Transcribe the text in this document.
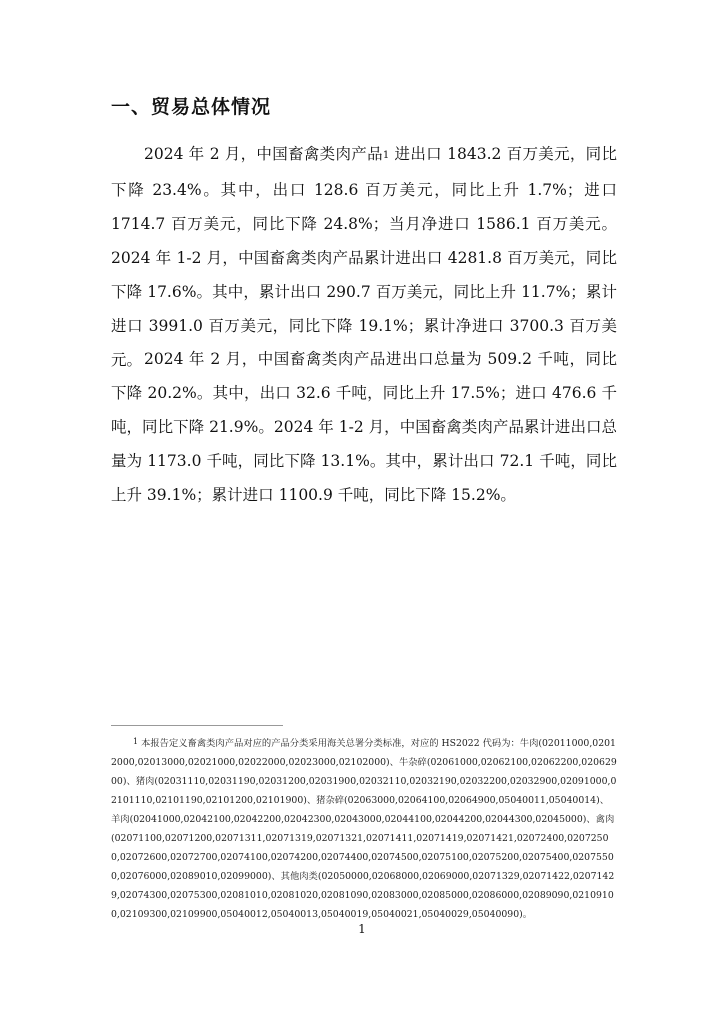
一、贸易总体情况

2024 年 2 月，中国畜禽类肉产品$^1$ 进出口 1843.2 百万美元，同比下降 23.4%。其中，出口 128.6 百万美元，同比上升 1.7%；进口 1714.7 百万美元，同比下降 24.8%；当月净进口 1586.1 百万美元。2024 年 1-2 月，中国畜禽类肉产品累计进出口 4281.8 百万美元，同比下降 17.6%。其中，累计出口 290.7 百万美元，同比上升 11.7%；累计进口 3991.0 百万美元，同比下降 19.1%；累计净进口 3700.3 百万美元。 2024 年 2 月，中国畜禽类肉产品进出口总量为 509.2 千吨，同比下降 20.2%。其中，出口 32.6 千吨，同比上升 17.5%；进口 476.6 千吨，同比下降 21.9%。2024 年 1-2 月，中国畜禽类肉产品累计进出口总量为 1173.0 千吨，同比下降 13.1%。其中，累计出口 72.1 千吨，同比上升 39.1%；累计进口 1100.9 千吨，同比下降 15.2%。

$^1$ 本报告定义畜禽类肉产品对应的产品分类采用海关总署分类标准，对应的 HS2022 代码为：牛肉(02011000,02012000,02013000,02021000,02022000,02023000,02102000)、牛杂碎(02061000,02062100,02062200,02062900)、猪肉(02031110,02031190,02031200,02031900,02032110,02032190,02032200,02032900,02091000,02101110,02101190,02101200,02101900)、猪杂碎(02063000,02064100,02064900,05040011,05040014)、羊肉(02041000,02042100,02042200,02042300,02043000,02044100,02044200,02044300,02045000)、禽肉(02071100,02071200,02071311,02071319,02071321,02071411,02071419,02071421,02072400,02072500,02072600,02072700,02074100,02074200,02074400,02074500,02075100,02075200,02075400,02075500,02076000,02089010,02099000)、其他肉类(02050000,02068000,02069000,02071329,02071422,02071429,02074300,02075300,02081010,02081020,02081090,02083000,02085000,02086000,02089090,02109100,02109300,02109900,05040012,05040013,05040019,05040021,05040029,05040090)。

1
